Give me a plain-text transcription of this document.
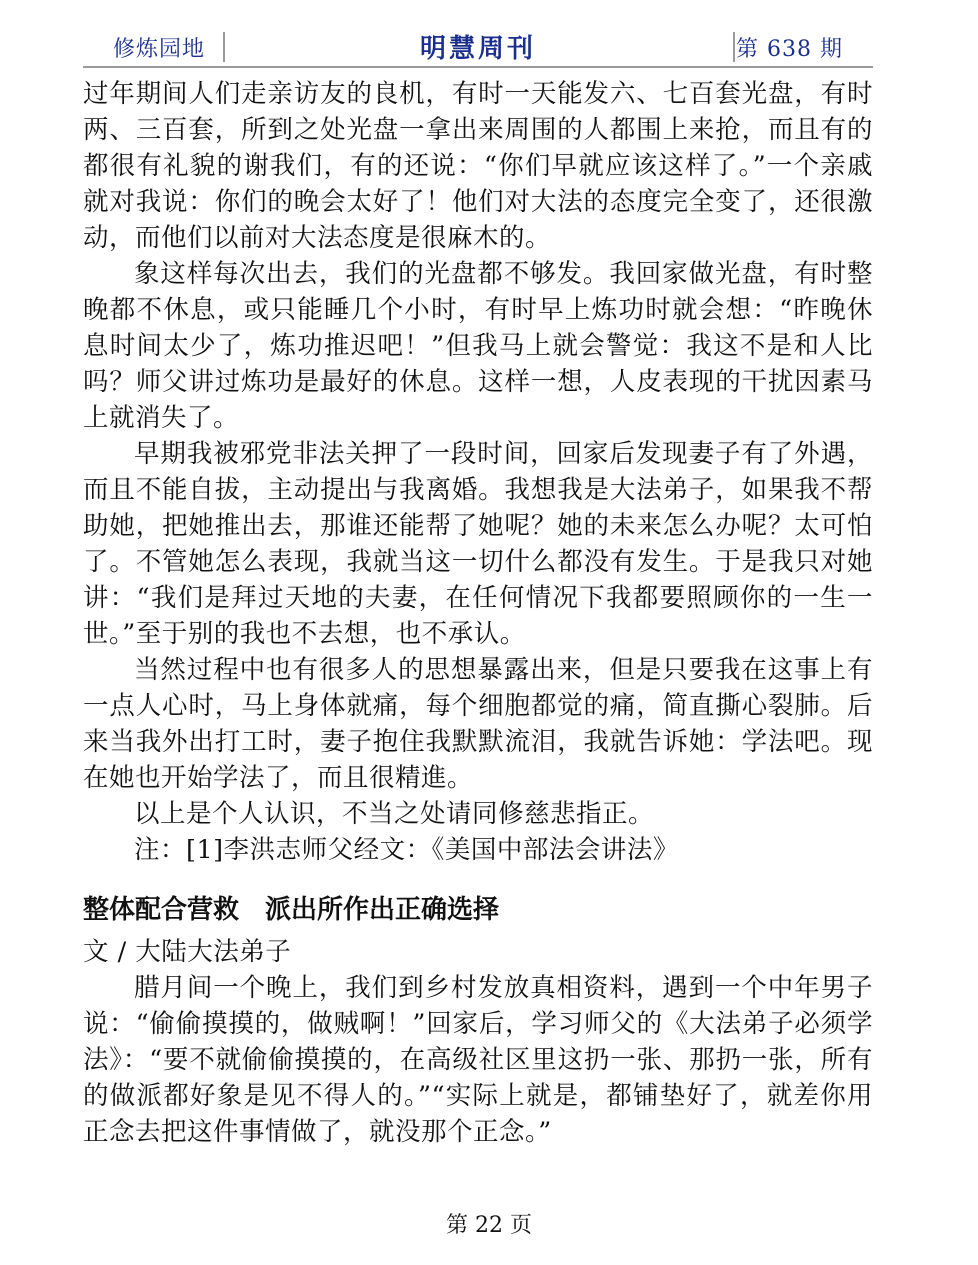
修炼园地	明慧周刊	第 638 期

过年期间人们走亲访友的良机，有时一天能发六、七百套光盘，有时两、三百套，所到之处光盘一拿出来周围的人都围上来抢，而且有的都很有礼貌的谢我们，有的还说：“你们早就应该这样了。”一个亲戚就对我说：你们的晚会太好了！他们对大法的态度完全变了，还很激动，而他们以前对大法态度是很麻木的。

象这样每次出去，我们的光盘都不够发。我回家做光盘，有时整晚都不休息，或只能睡几个小时，有时早上炼功时就会想：“昨晚休息时间太少了，炼功推迟吧！”但我马上就会警觉：我这不是和人比吗？师父讲过炼功是最好的休息。这样一想，人皮表现的干扰因素马上就消失了。

早期我被邪党非法关押了一段时间，回家后发现妻子有了外遇，而且不能自拔，主动提出与我离婚。我想我是大法弟子，如果我不帮助她，把她推出去，那谁还能帮了她呢？她的未来怎么办呢？太可怕了。不管她怎么表现，我就当这一切什么都没有发生。于是我只对她讲：“我们是拜过天地的夫妻，在任何情况下我都要照顾你的一生一世。”至于别的我也不去想，也不承认。

当然过程中也有很多人的思想暴露出来，但是只要我在这事上有一点人心时，马上身体就痛，每个细胞都觉的痛，简直撕心裂肺。后来当我外出打工时，妻子抱住我默默流泪，我就告诉她：学法吧。现在她也开始学法了，而且很精進。

以上是个人认识，不当之处请同修慈悲指正。

注：[1]李洪志师父经文：《美国中部法会讲法》

整体配合营救　派出所作出正确选择

文 / 大陆大法弟子

腊月间一个晚上，我们到乡村发放真相资料，遇到一个中年男子说：“偷偷摸摸的，做贼啊！”回家后，学习师父的《大法弟子必须学法》：“要不就偷偷摸摸的，在高级社区里这扔一张、那扔一张，所有的做派都好象是见不得人的。”“实际上就是，都铺垫好了，就差你用正念去把这件事情做了，就没那个正念。”

第 22 页
